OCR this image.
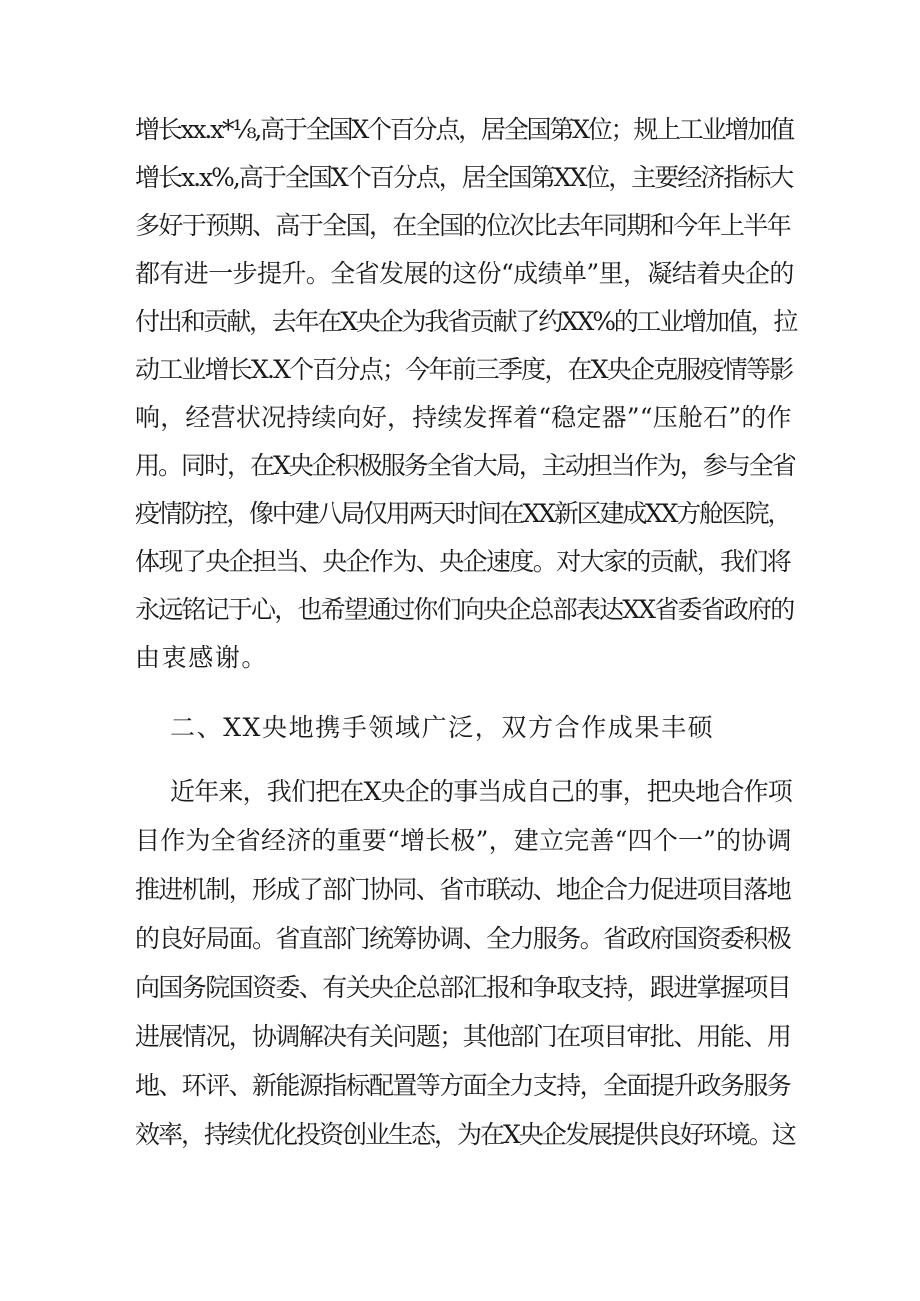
增长xx.x*⅛,高于全国X个百分点，居全国第X位；规上工业增加值
增长x.x%,高于全国X个百分点，居全国第XX位，主要经济指标大
多好于预期、高于全国，在全国的位次比去年同期和今年上半年
都有进一步提升。全省发展的这份“成绩单”里，凝结着央企的
付出和贡献，去年在X央企为我省贡献了约XX%的工业增加值，拉
动工业增长X.X个百分点；今年前三季度，在X央企克服疫情等影
响，经营状况持续向好，持续发挥着“稳定器”“压舱石”的作
用。同时，在X央企积极服务全省大局，主动担当作为，参与全省
疫情防控，像中建八局仅用两天时间在XX新区建成XX方舱医院，
体现了央企担当、央企作为、央企速度。对大家的贡献，我们将
永远铭记于心，也希望通过你们向央企总部表达XX省委省政府的
由衷感谢。
二、XX央地携手领域广泛，双方合作成果丰硕
近年来，我们把在X央企的事当成自己的事，把央地合作项
目作为全省经济的重要“增长极”，建立完善“四个一”的协调
推进机制，形成了部门协同、省市联动、地企合力促进项目落地
的良好局面。省直部门统筹协调、全力服务。省政府国资委积极
向国务院国资委、有关央企总部汇报和争取支持，跟进掌握项目
进展情况，协调解决有关问题；其他部门在项目审批、用能、用
地、环评、新能源指标配置等方面全力支持，全面提升政务服务
效率，持续优化投资创业生态，为在X央企发展提供良好环境。这
